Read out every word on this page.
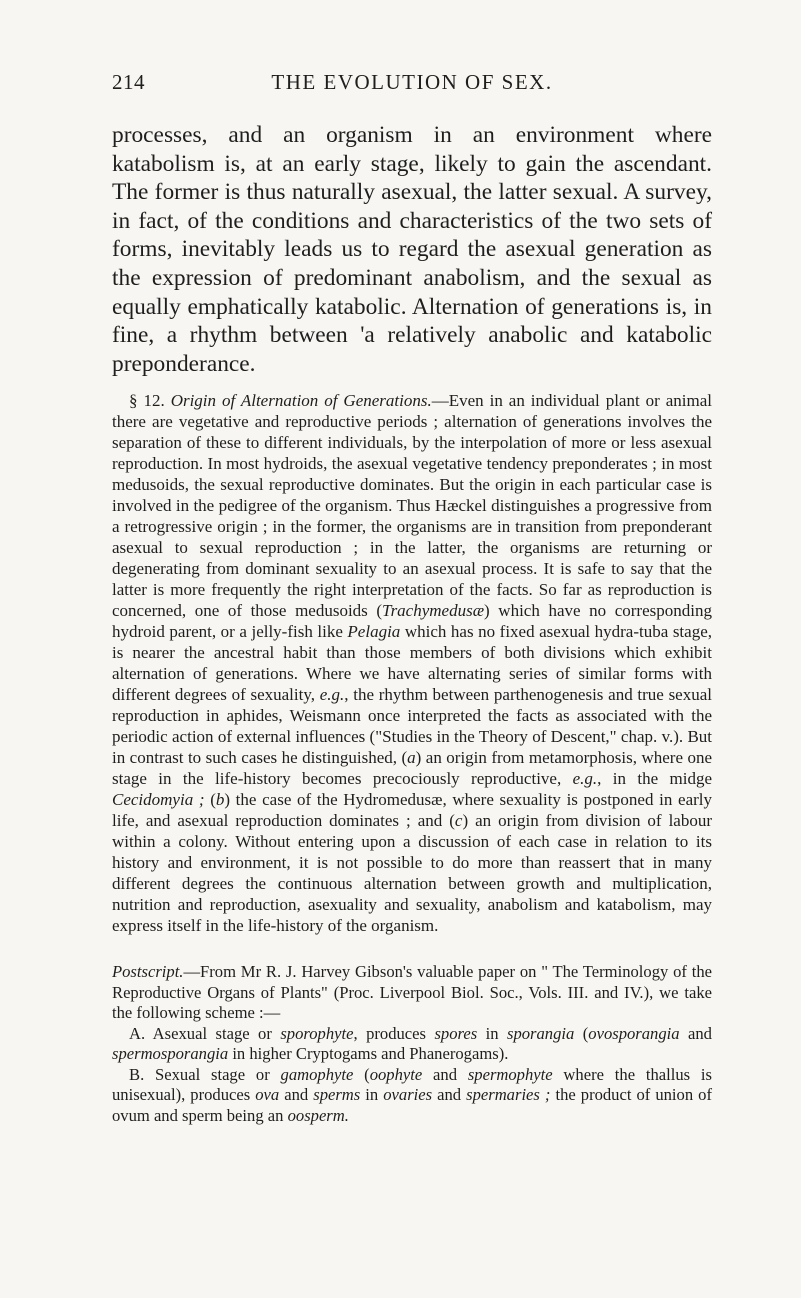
214	THE EVOLUTION OF SEX.

processes, and an organism in an environment where katabolism is, at an early stage, likely to gain the ascendant. The former is thus naturally asexual, the latter sexual. A survey, in fact, of the conditions and characteristics of the two sets of forms, inevitably leads us to regard the asexual generation as the expression of predominant anabolism, and the sexual as equally emphatically katabolic. Alternation of generations is, in fine, a rhythm between 'a relatively anabolic and katabolic preponderance.

§ 12. Origin of Alternation of Generations.—Even in an individual plant or animal there are vegetative and reproductive periods ; alternation of generations involves the separation of these to different individuals, by the interpolation of more or less asexual reproduction. In most hydroids, the asexual vegetative tendency preponderates ; in most medusoids, the sexual reproductive dominates. But the origin in each particular case is involved in the pedigree of the organism. Thus Hæckel distinguishes a progressive from a retrogressive origin ; in the former, the organisms are in transition from preponderant asexual to sexual reproduction ; in the latter, the organisms are returning or degenerating from dominant sexuality to an asexual process. It is safe to say that the latter is more frequently the right interpretation of the facts. So far as reproduction is concerned, one of those medusoids (Trachymedusæ) which have no corresponding hydroid parent, or a jelly-fish like Pelagia which has no fixed asexual hydra-tuba stage, is nearer the ancestral habit than those members of both divisions which exhibit alternation of generations. Where we have alternating series of similar forms with different degrees of sexuality, e.g., the rhythm between parthenogenesis and true sexual reproduction in aphides, Weismann once interpreted the facts as associated with the periodic action of external influences ("Studies in the Theory of Descent," chap. v.). But in contrast to such cases he distinguished, (a) an origin from metamorphosis, where one stage in the life-history becomes precociously reproductive, e.g., in the midge Cecidomyia ; (b) the case of the Hydromedusæ, where sexuality is postponed in early life, and asexual reproduction dominates ; and (c) an origin from division of labour within a colony. Without entering upon a discussion of each case in relation to its history and environment, it is not possible to do more than reassert that in many different degrees the continuous alternation between growth and multiplication, nutrition and reproduction, asexuality and sexuality, anabolism and katabolism, may express itself in the life-history of the organism.

Postscript.—From Mr R. J. Harvey Gibson's valuable paper on " The Terminology of the Reproductive Organs of Plants" (Proc. Liverpool Biol. Soc., Vols. III. and IV.), we take the following scheme :—

A. Asexual stage or sporophyte, produces spores in sporangia (ovosporangia and spermosporangia in higher Cryptogams and Phanerogams).

B. Sexual stage or gamophyte (oophyte and spermophyte where the thallus is unisexual), produces ova and sperms in ovaries and spermaries ; the product of union of ovum and sperm being an oosperm.
